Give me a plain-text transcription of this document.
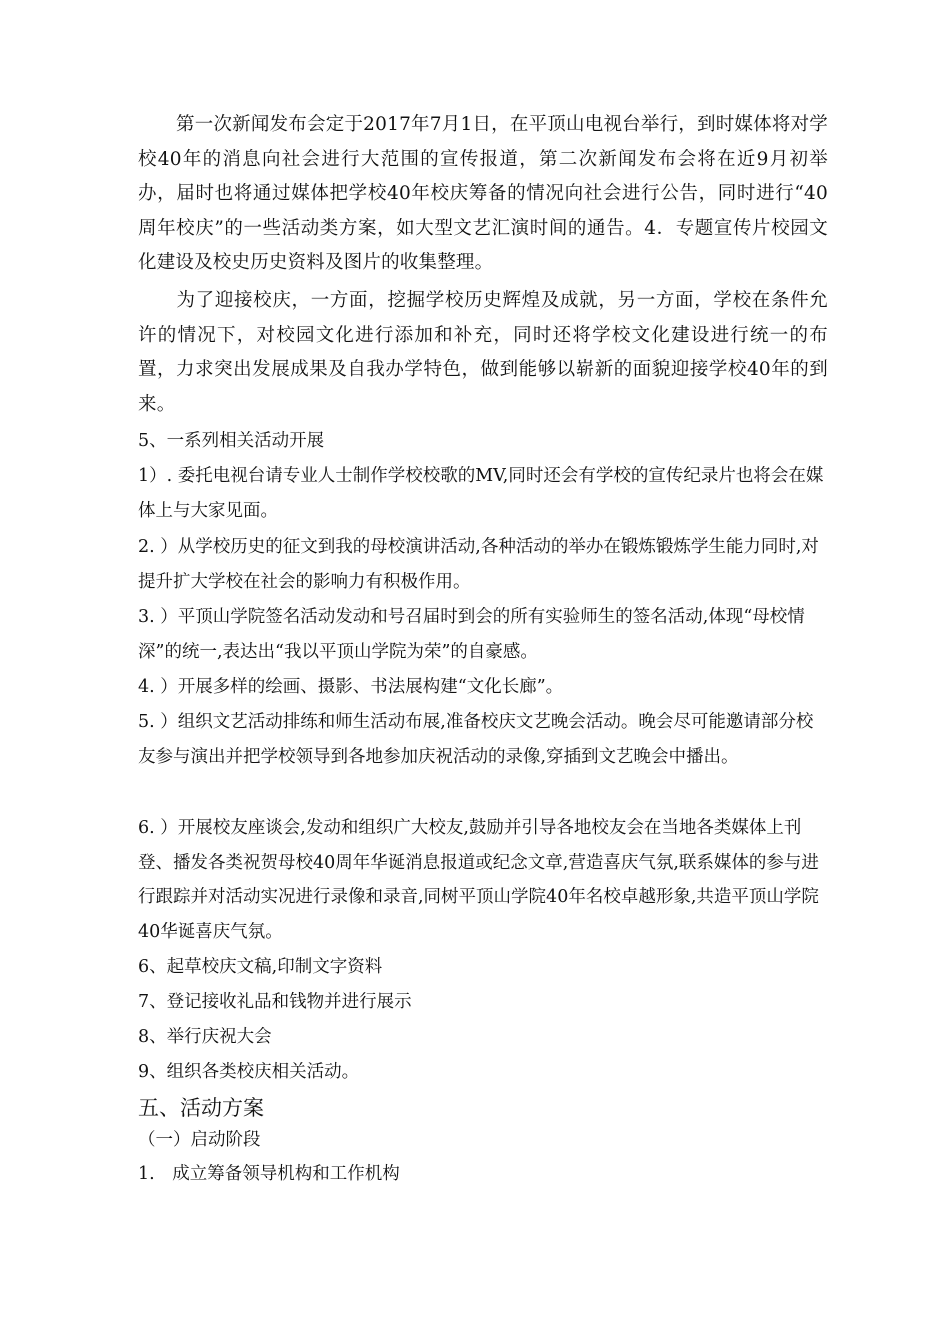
第一次新闻发布会定于2017年7月1日，在平顶山电视台举行，到时媒体将对学校40年的消息向社会进行大范围的宣传报道，第二次新闻发布会将在近9月初举办，届时也将通过媒体把学校40年校庆筹备的情况向社会进行公告，同时进行“40周年校庆”的一些活动类方案，如大型文艺汇演时间的通告。4．专题宣传片校园文化建设及校史历史资料及图片的收集整理。

为了迎接校庆，一方面，挖掘学校历史辉煌及成就，另一方面，学校在条件允许的情况下，对校园文化进行添加和补充，同时还将学校文化建设进行统一的布置，力求突出发展成果及自我办学特色，做到能够以崭新的面貌迎接学校40年的到来。

5、一系列相关活动开展

1）. 委托电视台请专业人士制作学校校歌的MV,同时还会有学校的宣传纪录片也将会在媒体上与大家见面。

2. ）从学校历史的征文到我的母校演讲活动,各种活动的举办在锻炼锻炼学生能力同时,对提升扩大学校在社会的影响力有积极作用。

3. ）平顶山学院签名活动发动和号召届时到会的所有实验师生的签名活动,体现“母校情深”的统一,表达出“我以平顶山学院为荣”的自豪感。

4. ）开展多样的绘画、摄影、书法展构建“文化长廊”。

5. ）组织文艺活动排练和师生活动布展,准备校庆文艺晚会活动。晚会尽可能邀请部分校友参与演出并把学校领导到各地参加庆祝活动的录像,穿插到文艺晚会中播出。

6. ）开展校友座谈会,发动和组织广大校友,鼓励并引导各地校友会在当地各类媒体上刊登、播发各类祝贺母校40周年华诞消息报道或纪念文章,营造喜庆气氛,联系媒体的参与进行跟踪并对活动实况进行录像和录音,同树平顶山学院40年名校卓越形象,共造平顶山学院40华诞喜庆气氛。

6、起草校庆文稿,印制文字资料

7、登记接收礼品和钱物并进行展示

8、举行庆祝大会

9、组织各类校庆相关活动。

五、活动方案

（一）启动阶段

1.　成立筹备领导机构和工作机构
